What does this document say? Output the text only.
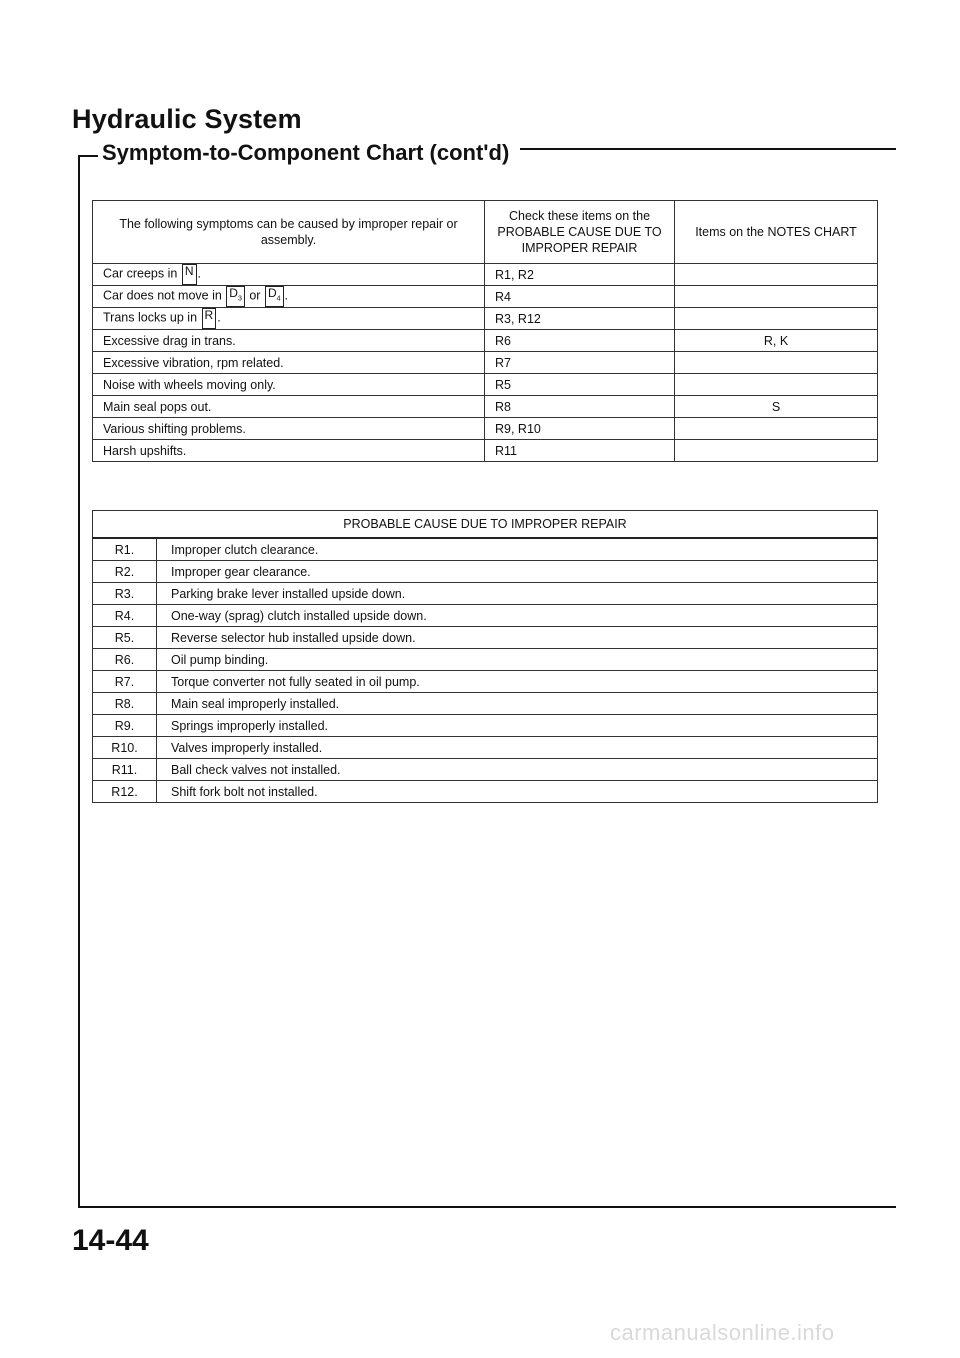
Hydraulic System
Symptom-to-Component Chart (cont'd)
The following symptoms can be caused by improper repair or assembly.	Check these items on the PROBABLE CAUSE DUE TO IMPROPER REPAIR	Items on the NOTES CHART
Car creeps in N .	R1, R2	
Car does not move in $D_3$ or $D_4$ .	R4	
Trans locks up in R .	R3, R12	
Excessive drag in trans.	R6	R, K
Excessive vibration, rpm related.	R7	
Noise with wheels moving only.	R5	
Main seal pops out.	R8	S
Various shifting problems.	R9, R10	
Harsh upshifts.	R11	
PROBABLE CAUSE DUE TO IMPROPER REPAIR	
R1.	Improper clutch clearance.
R2.	Improper gear clearance.
R3.	Parking brake lever installed upside down.
R4.	One-way (sprag) clutch installed upside down.
R5.	Reverse selector hub installed upside down.
R6.	Oil pump binding.
R7.	Torque converter not fully seated in oil pump.
R8.	Main seal improperly installed.
R9.	Springs improperly installed.
R10.	Valves improperly installed.
R11.	Ball check valves not installed.
R12.	Shift fork bolt not installed.
14-44
carmanualsonline.info
